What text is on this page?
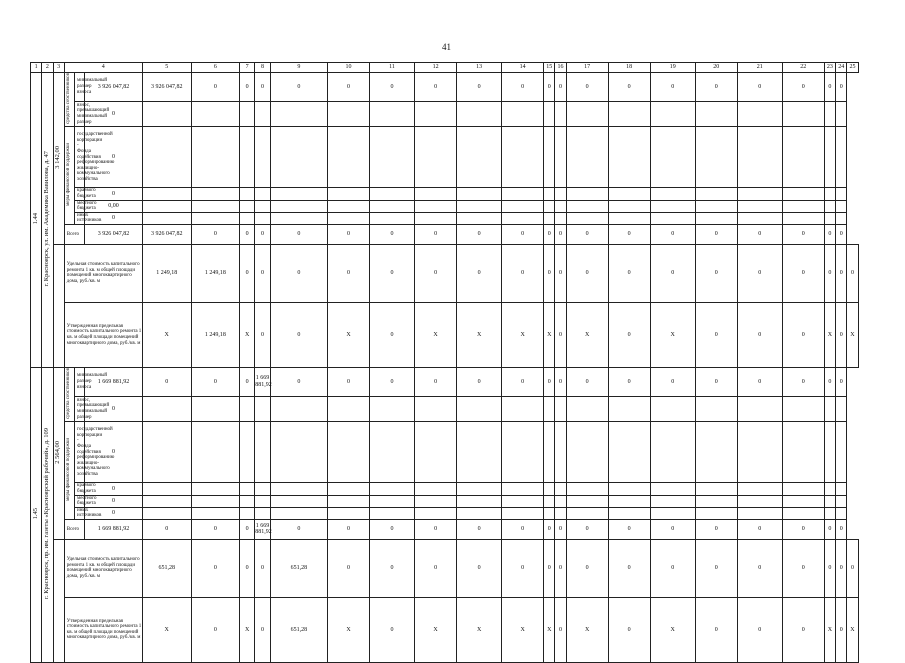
41
1	2	3	4			5	6	7	8	9	10	11	12	13	14	15	16	17	18	19	20	21	22	23	24	25
1.44	г. Красноярск, ул. им. Академика Вавилова, д. 47	3 142,00	средства собственников	минимальный размер взноса	3 926 047,82	3 926 047,82	0	0	0	0	0	0	0	0	0	0	0	0	0	0	0	0	0	0	0	
				взнос, превышающий минимальный размер	0																					
			меры финансовой поддержки	государственной корпорации - Фонда содействия реформированию жилищно-коммунального хозяйства	0																					
				краевого бюджета	0																					
				местного бюджета	0,00																					
				иных источников	0																					
			Всего		3 926 047,82	3 926 047,82	0	0	0	0	0	0	0	0	0	0	0	0	0	0	0	0	0	0	0	
			Удельная стоимость капитального ремонта 1 кв. м общей площади помещений многоквартирного дома, руб./кв. м			1 249,18	1 249,18	0	0	0	0	0	0	0	0	0	0	0	0	0	0	0	0	0	0	0
			Утвержденная предельная стоимость капитального ремонта 1 кв. м общей площади помещений многоквартирного дома, руб./кв. м			X	1 249,18	X	0	0	X	0	X	X	X	X	0	X	0	X	0	0	0	X	0	X
1.45	г. Красноярск, пр. им. газеты «Красноярский рабочий», д. 109	2 564,00	средства собственников	минимальный размер взноса	1 669 881,92	0	0	0	1 669 881,92	0	0	0	0	0	0	0	0	0	0	0	0	0	0	0	0	
				взнос, превышающий минимальный размер	0																					
			меры финансовой поддержки	государственной корпорации - Фонда содействия реформированию жилищно-коммунального хозяйства	0																					
				краевого бюджета	0																					
				местного бюджета	0																					
				иных источников	0																					
			Всего		1 669 881,92	0	0	0	1 669 881,92	0	0	0	0	0	0	0	0	0	0	0	0	0	0	0	0	
			Удельная стоимость капитального ремонта 1 кв. м общей площади помещений многоквартирного дома, руб./кв. м			651,28	0	0	0	651,28	0	0	0	0	0	0	0	0	0	0	0	0	0	0	0	0
			Утвержденная предельная стоимость капитального ремонта 1 кв. м общей площади помещений многоквартирного дома, руб./кв. м			X	0	X	0	651,28	X	0	X	X	X	X	0	X	0	X	0	0	0	X	0	X
